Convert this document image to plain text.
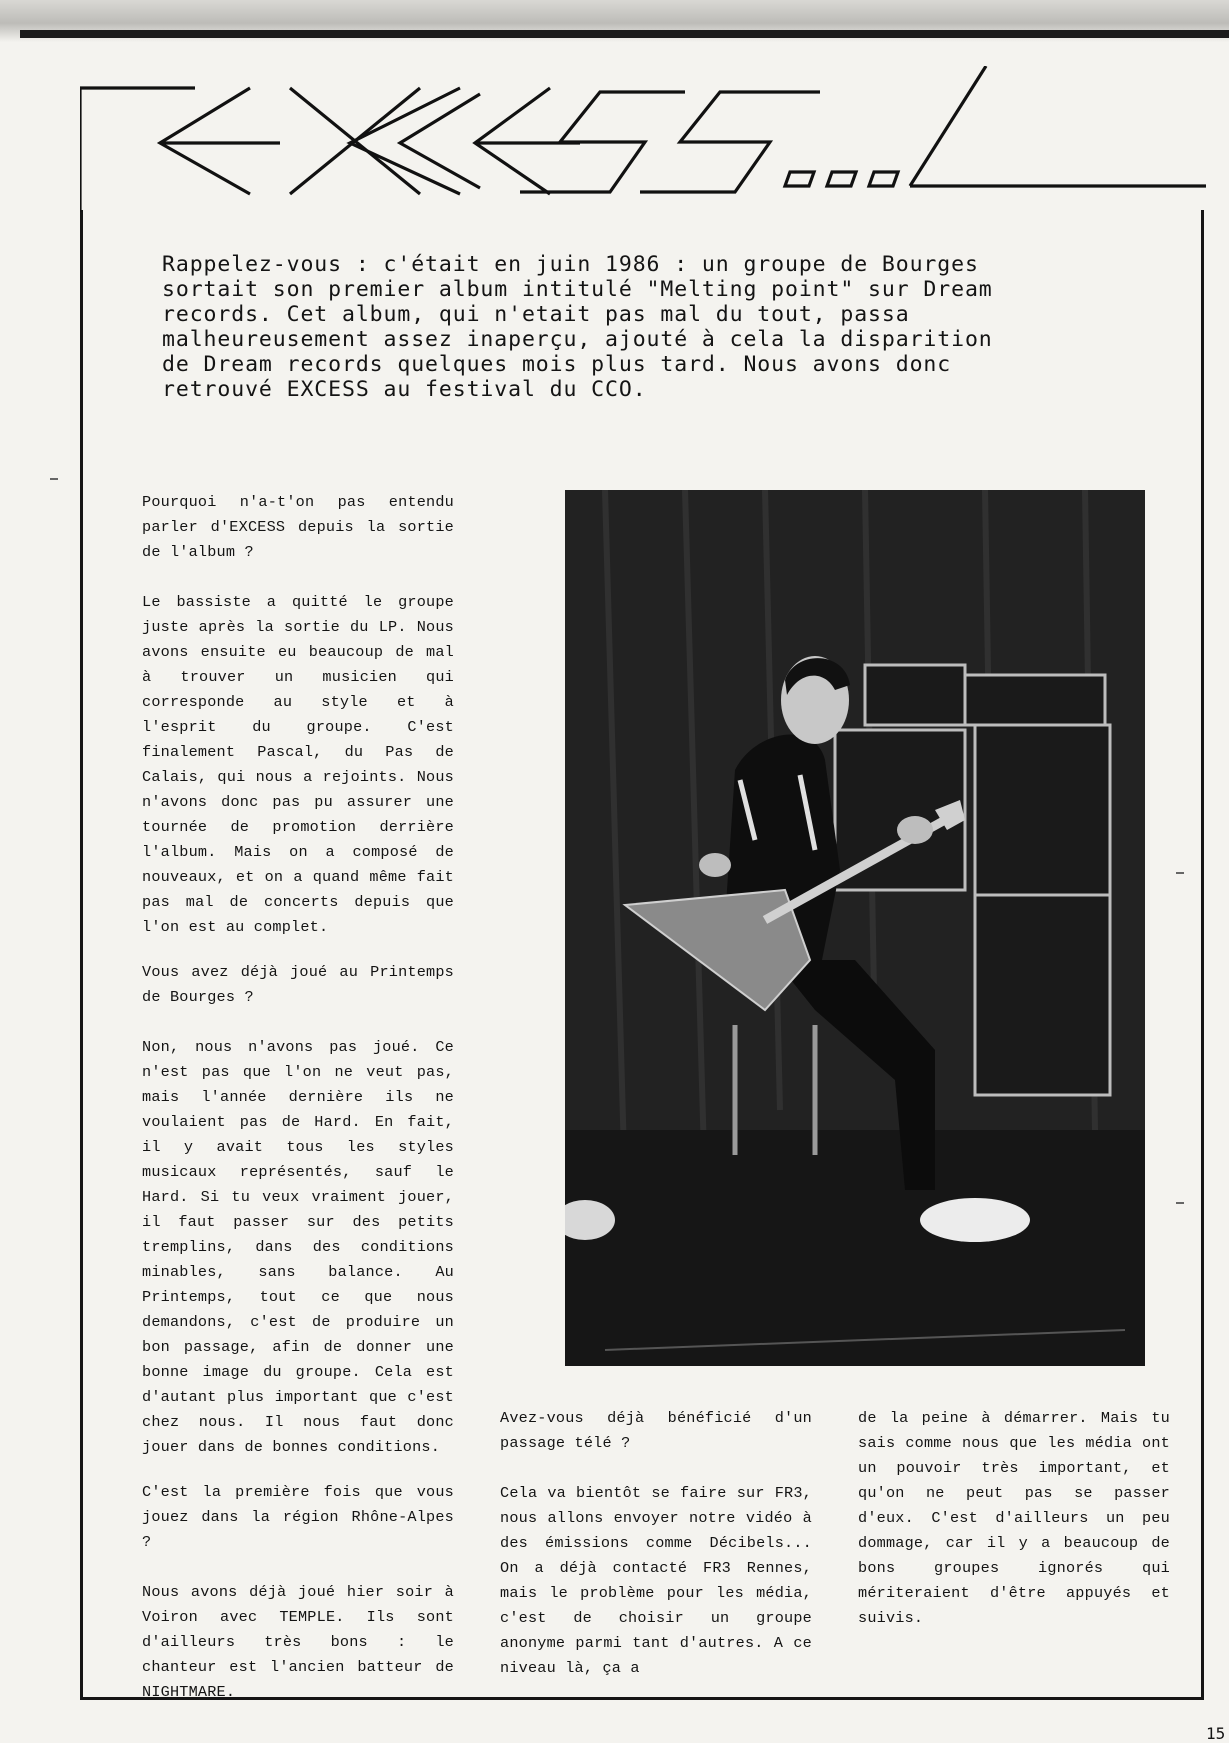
Rappelez-vous : c'était en juin 1986 : un groupe de Bourges
sortait son premier album intitulé "Melting point" sur Dream
records. Cet album, qui n'etait pas mal du tout, passa
malheureusement assez inaperçu, ajouté à cela la disparition
de Dream records quelques mois plus tard. Nous avons donc
retrouvé EXCESS au festival du CCO.

Pourquoi n'a-t'on pas entendu parler d'EXCESS depuis la sortie de l'album ?

Le bassiste a quitté le groupe juste après la sortie du LP. Nous avons ensuite eu beaucoup de mal à trouver un musicien qui corresponde au style et à l'esprit du groupe. C'est finalement Pascal, du Pas de Calais, qui nous a rejoints. Nous n'avons donc pas pu assurer une tournée de promotion derrière l'album. Mais on a composé de nouveaux, et on a quand même fait pas mal de concerts depuis que l'on est au complet.

Vous avez déjà joué au Printemps de Bourges ?

Non, nous n'avons pas joué. Ce n'est pas que l'on ne veut pas, mais l'année dernière ils ne voulaient pas de Hard. En fait, il y avait tous les styles musicaux représentés, sauf le Hard. Si tu veux vraiment jouer, il faut passer sur des petits tremplins, dans des conditions minables, sans balance. Au Printemps, tout ce que nous demandons, c'est de produire un bon passage, afin de donner une bonne image du groupe. Cela est d'autant plus important que c'est chez nous. Il nous faut donc jouer dans de bonnes conditions.

C'est la première fois que vous jouez dans la région Rhône-Alpes ?

Nous avons déjà joué hier soir à Voiron avec TEMPLE. Ils sont d'ailleurs très bons : le chanteur est l'ancien batteur de NIGHTMARE.

Avez-vous déjà bénéficié d'un passage télé ?

Cela va bientôt se faire sur FR3, nous allons envoyer notre vidéo à des émissions comme Décibels... On a déjà contacté FR3 Rennes, mais le problème pour les média, c'est de choisir un groupe anonyme parmi tant d'autres. A ce niveau là, ça a

de la peine à démarrer. Mais tu sais comme nous que les média ont un pouvoir très important, et qu'on ne peut pas se passer d'eux. C'est d'ailleurs un peu dommage, car il y a beaucoup de bons groupes ignorés qui mériteraient d'être appuyés et suivis.

15
